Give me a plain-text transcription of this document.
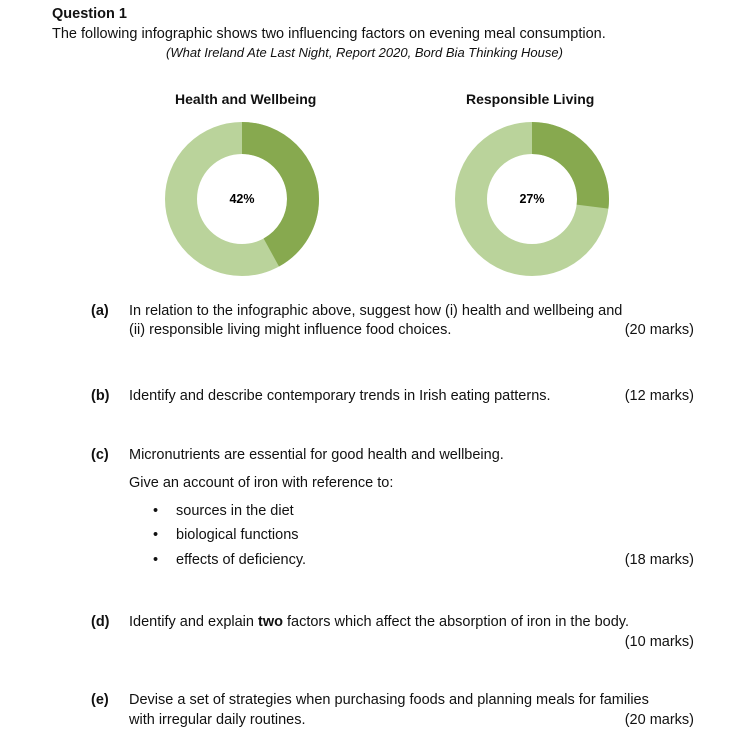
Question 1
The following infographic shows two influencing factors on evening meal consumption.
(What Ireland Ate Last Night, Report 2020, Bord Bia Thinking House)
Health and Wellbeing	Responsible Living
42%	27%
(a) In relation to the infographic above, suggest how (i) health and wellbeing and
(ii) responsible living might influence food choices.	(20 marks)
(b) Identify and describe contemporary trends in Irish eating patterns.	(12 marks)
(c) Micronutrients are essential for good health and wellbeing.
Give an account of iron with reference to:
• sources in the diet
• biological functions
• effects of deficiency.	(18 marks)
(d) Identify and explain two factors which affect the absorption of iron in the body.
(10 marks)
(e) Devise a set of strategies when purchasing foods and planning meals for families
with irregular daily routines.	(20 marks)
